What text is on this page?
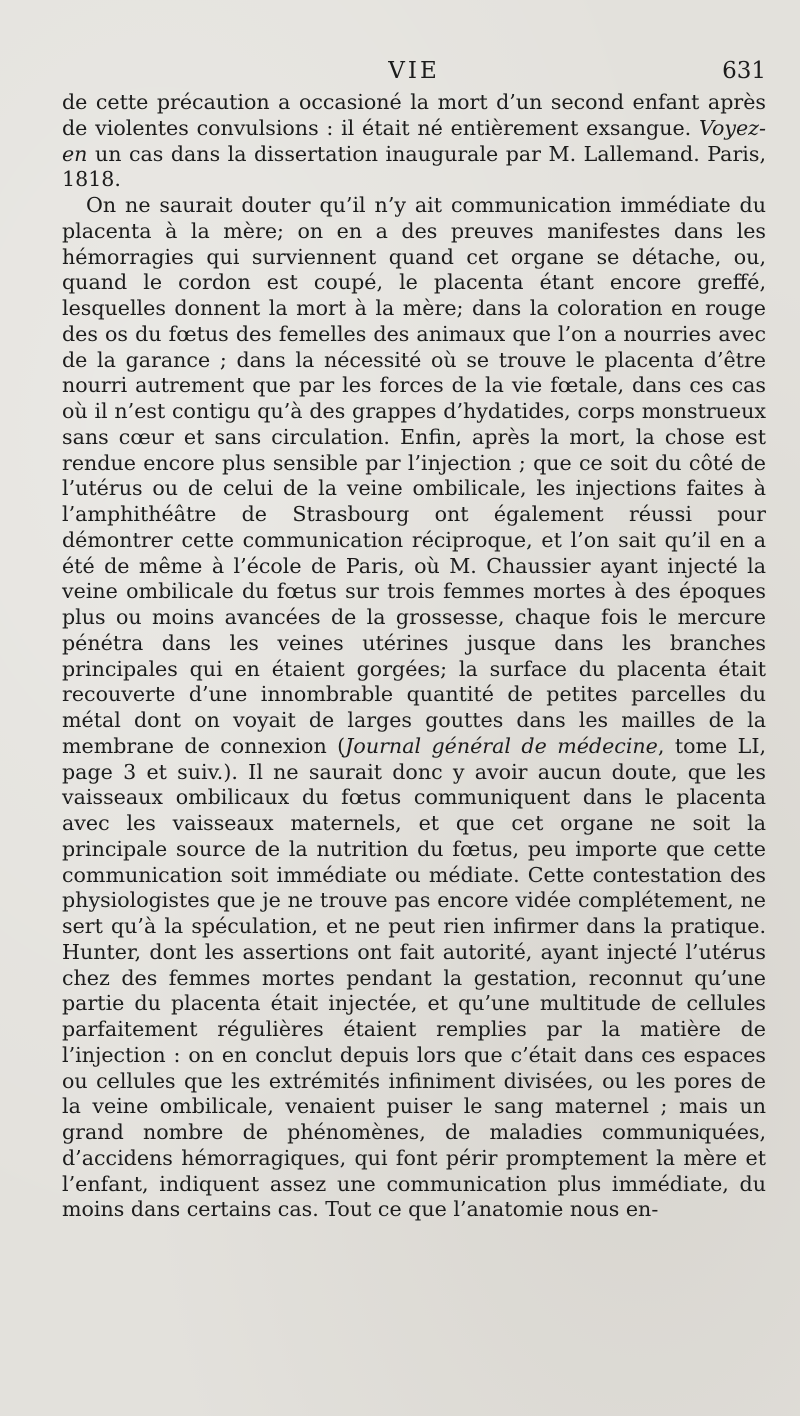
VIE	631

de cette précaution a occasioné la mort d’un second enfant après de violentes convulsions : il était né entièrement exsangue. Voyez-en un cas dans la dissertation inaugurale par M. Lallemand. Paris, 1818.

On ne saurait douter qu’il n’y ait communication immédiate du placenta à la mère; on en a des preuves manifestes dans les hémorragies qui surviennent quand cet organe se détache, ou, quand le cordon est coupé, le placenta étant encore greffé, lesquelles donnent la mort à la mère; dans la coloration en rouge des os du fœtus des femelles des animaux que l’on a nourries avec de la garance ; dans la nécessité où se trouve le placenta d’être nourri autrement que par les forces de la vie fœtale, dans ces cas où il n’est contigu qu’à des grappes d’hydatides, corps monstrueux sans cœur et sans circulation. Enfin, après la mort, la chose est rendue encore plus sensible par l’injection ; que ce soit du côté de l’utérus ou de celui de la veine ombilicale, les injections faites à l’amphithéâtre de Strasbourg ont également réussi pour démontrer cette communication réciproque, et l’on sait qu’il en a été de même à l’école de Paris, où M. Chaussier ayant injecté la veine ombilicale du fœtus sur trois femmes mortes à des époques plus ou moins avancées de la grossesse, chaque fois le mercure pénétra dans les veines utérines jusque dans les branches principales qui en étaient gorgées; la surface du placenta était recouverte d’une innombrable quantité de petites parcelles du métal dont on voyait de larges gouttes dans les mailles de la membrane de connexion (Journal général de médecine, tome LI, page 3 et suiv.). Il ne saurait donc y avoir aucun doute, que les vaisseaux ombilicaux du fœtus communiquent dans le placenta avec les vaisseaux maternels, et que cet organe ne soit la principale source de la nutrition du fœtus, peu importe que cette communication soit immédiate ou médiate. Cette contestation des physiologistes que je ne trouve pas encore vidée complétement, ne sert qu’à la spéculation, et ne peut rien infirmer dans la pratique. Hunter, dont les assertions ont fait autorité, ayant injecté l’utérus chez des femmes mortes pendant la gestation, reconnut qu’une partie du placenta était injectée, et qu’une multitude de cellules parfaitement régulières étaient remplies par la matière de l’injection : on en conclut depuis lors que c’était dans ces espaces ou cellules que les extrémités infiniment divisées, ou les pores de la veine ombilicale, venaient puiser le sang maternel ; mais un grand nombre de phénomènes, de maladies communiquées, d’accidens hémorragiques, qui font périr promptement la mère et l’enfant, indiquent assez une communication plus immédiate, du moins dans certains cas. Tout ce que l’anatomie nous en-
